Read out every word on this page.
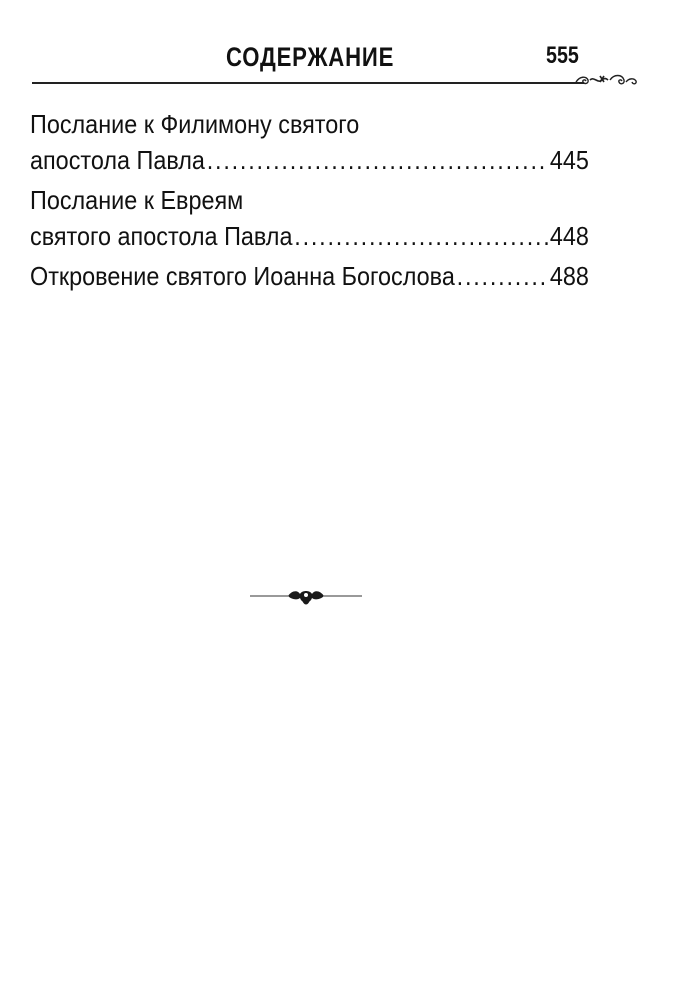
СОДЕРЖАНИЕ	555
Послание к Филимону святого
апостола Павла .....	445
Послание к Евреям
святого апостола Павла .....	448
Откровение святого Иоанна Богослова .....	488
